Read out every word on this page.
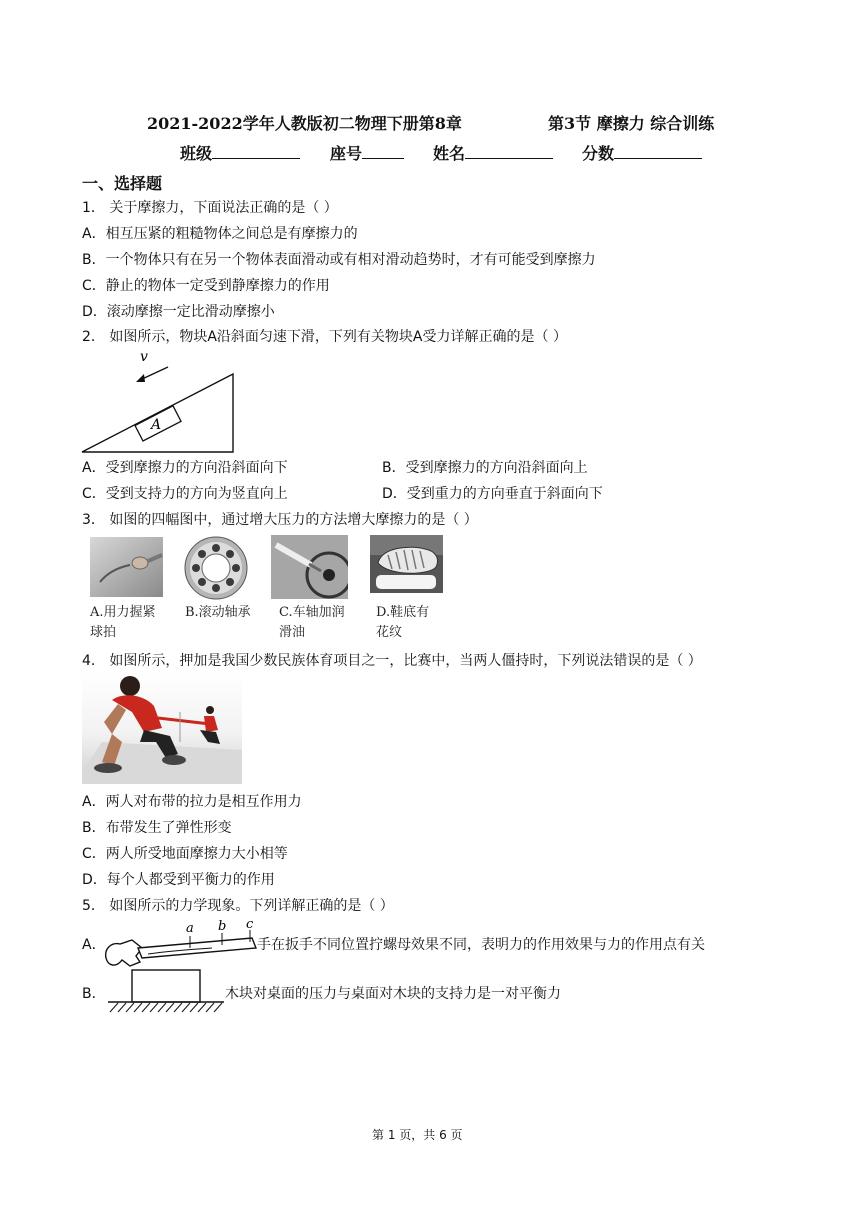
2021-2022学年人教版初二物理下册第8章	第3节 摩擦力 综合训练
班级	座号	姓名	分数
一、选择题
1． 关于摩擦力，下面说法正确的是（ ）
A．相互压紧的粗糙物体之间总是有摩擦力的
B．一个物体只有在另一个物体表面滑动或有相对滑动趋势时，才有可能受到摩擦力
C．静止的物体一定受到静摩擦力的作用
D．滚动摩擦一定比滑动摩擦小
2． 如图所示，物块A沿斜面匀速下滑，下列有关物块A受力详解正确的是（ ）
v
A
A．受到摩擦力的方向沿斜面向下	B．受到摩擦力的方向沿斜面向上
C．受到支持力的方向为竖直向上	D．受到重力的方向垂直于斜面向下
3． 如图的四幅图中，通过增大压力的方法增大摩擦力的是（ ）
A.用力握紧
球拍
B.滚动轴承 C.车轴加润
滑油
D.鞋底有
花纹
4． 如图所示，押加是我国少数民族体育项目之一，比赛中，当两人僵持时，下列说法错误的是（ ）
A．两人对布带的拉力是相互作用力
B．布带发生了弹性形变
C．两人所受地面摩擦力大小相等
D．每个人都受到平衡力的作用
5． 如图所示的力学现象。下列详解正确的是（ ）
A．
a b c
手在扳手不同位置拧螺母效果不同，表明力的作用效果与力的作用点有关
B．	木块对桌面的压力与桌面对木块的支持力是一对平衡力
第 1 页，共 6 页
